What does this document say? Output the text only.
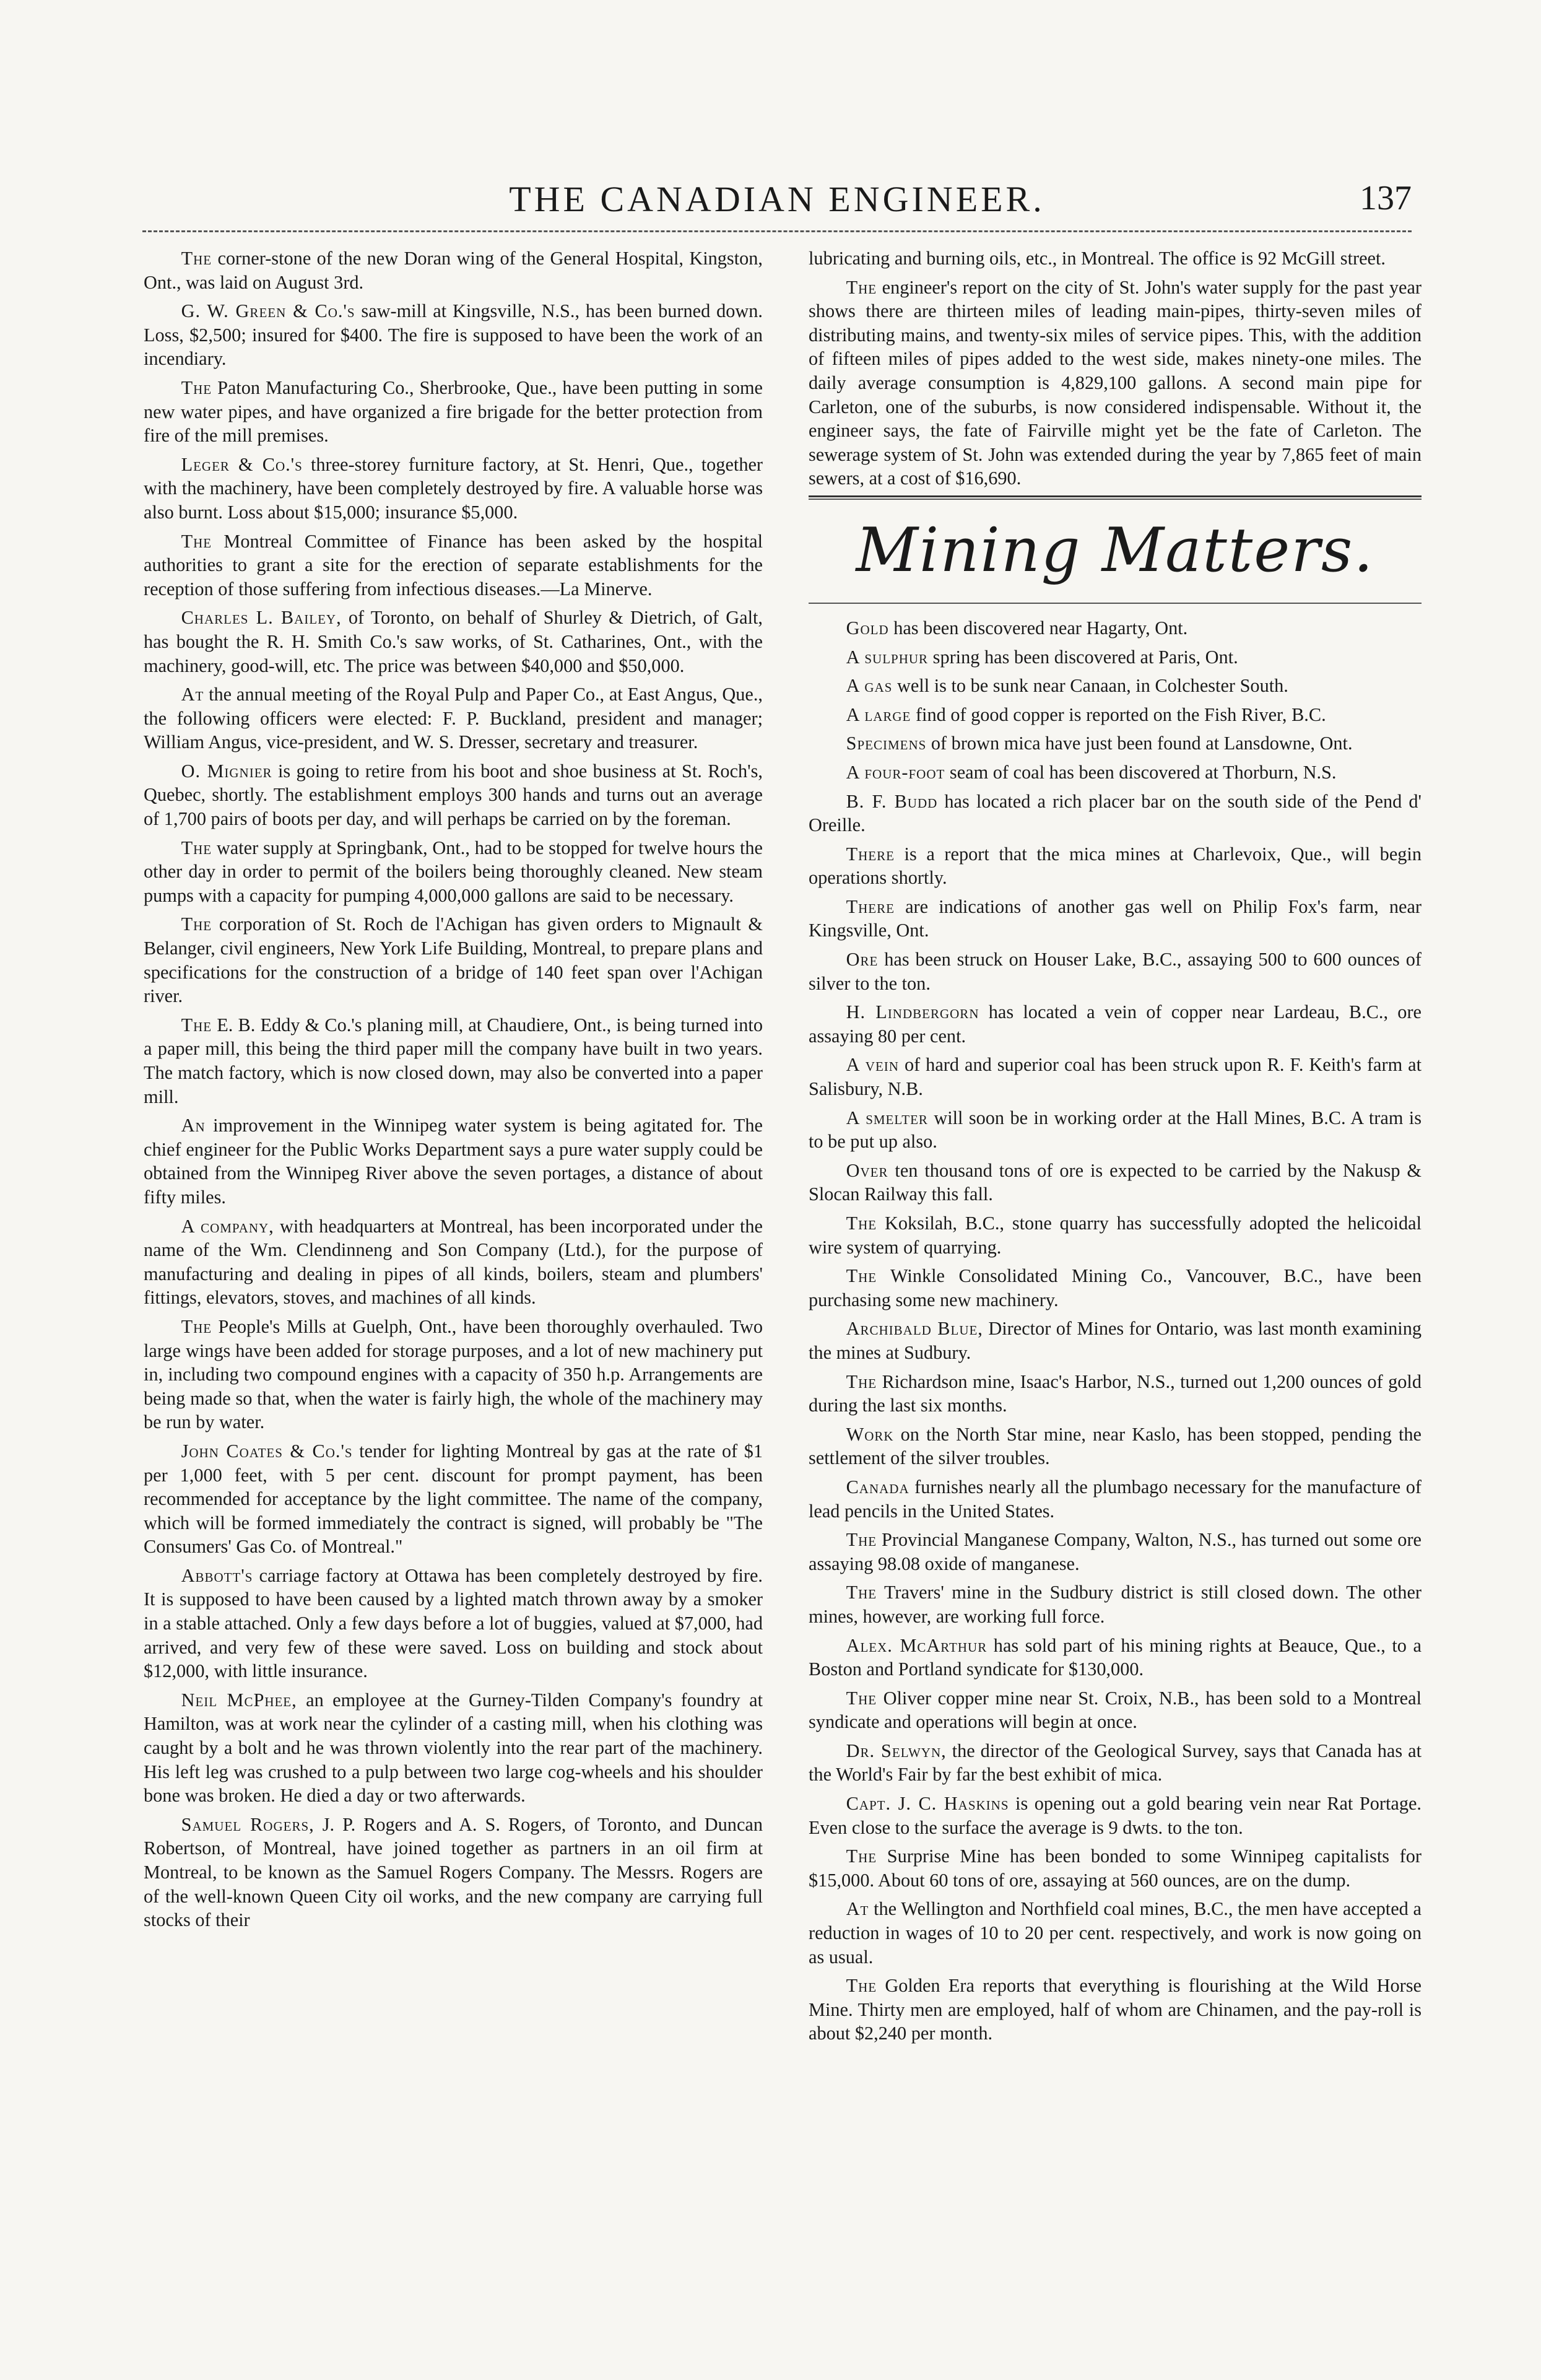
THE CANADIAN ENGINEER.	137

The corner-stone of the new Doran wing of the General Hospital, Kingston, Ont., was laid on August 3rd.

G. W. Green & Co.'s saw-mill at Kingsville, N.S., has been burned down. Loss, $2,500; insured for $400. The fire is supposed to have been the work of an incendiary.

The Paton Manufacturing Co., Sherbrooke, Que., have been putting in some new water pipes, and have organized a fire brigade for the better protection from fire of the mill premises.

Leger & Co.'s three-storey furniture factory, at St. Henri, Que., together with the machinery, have been completely destroyed by fire. A valuable horse was also burnt. Loss about $15,000; insurance $5,000.

The Montreal Committee of Finance has been asked by the hospital authorities to grant a site for the erection of separate establishments for the reception of those suffering from infectious diseases.—La Minerve.

Charles L. Bailey, of Toronto, on behalf of Shurley & Dietrich, of Galt, has bought the R. H. Smith Co.'s saw works, of St. Catharines, Ont., with the machinery, good-will, etc. The price was between $40,000 and $50,000.

At the annual meeting of the Royal Pulp and Paper Co., at East Angus, Que., the following officers were elected: F. P. Buckland, president and manager; William Angus, vice-president, and W. S. Dresser, secretary and treasurer.

O. Mignier is going to retire from his boot and shoe business at St. Roch's, Quebec, shortly. The establishment employs 300 hands and turns out an average of 1,700 pairs of boots per day, and will perhaps be carried on by the foreman.

The water supply at Springbank, Ont., had to be stopped for twelve hours the other day in order to permit of the boilers being thoroughly cleaned. New steam pumps with a capacity for pumping 4,000,000 gallons are said to be necessary.

The corporation of St. Roch de l'Achigan has given orders to Mignault & Belanger, civil engineers, New York Life Building, Montreal, to prepare plans and specifications for the construction of a bridge of 140 feet span over l'Achigan river.

The E. B. Eddy & Co.'s planing mill, at Chaudiere, Ont., is being turned into a paper mill, this being the third paper mill the company have built in two years. The match factory, which is now closed down, may also be converted into a paper mill.

An improvement in the Winnipeg water system is being agitated for. The chief engineer for the Public Works Department says a pure water supply could be obtained from the Winnipeg River above the seven portages, a distance of about fifty miles.

A company, with headquarters at Montreal, has been incorporated under the name of the Wm. Clendinneng and Son Company (Ltd.), for the purpose of manufacturing and dealing in pipes of all kinds, boilers, steam and plumbers' fittings, elevators, stoves, and machines of all kinds.

The People's Mills at Guelph, Ont., have been thoroughly overhauled. Two large wings have been added for storage purposes, and a lot of new machinery put in, including two compound engines with a capacity of 350 h.p. Arrangements are being made so that, when the water is fairly high, the whole of the machinery may be run by water.

John Coates & Co.'s tender for lighting Montreal by gas at the rate of $1 per 1,000 feet, with 5 per cent. discount for prompt payment, has been recommended for acceptance by the light committee. The name of the company, which will be formed immediately the contract is signed, will probably be "The Consumers' Gas Co. of Montreal."

Abbott's carriage factory at Ottawa has been completely destroyed by fire. It is supposed to have been caused by a lighted match thrown away by a smoker in a stable attached. Only a few days before a lot of buggies, valued at $7,000, had arrived, and very few of these were saved. Loss on building and stock about $12,000, with little insurance.

Neil McPhee, an employee at the Gurney-Tilden Company's foundry at Hamilton, was at work near the cylinder of a casting mill, when his clothing was caught by a bolt and he was thrown violently into the rear part of the machinery. His left leg was crushed to a pulp between two large cog-wheels and his shoulder bone was broken. He died a day or two afterwards.

Samuel Rogers, J. P. Rogers and A. S. Rogers, of Toronto, and Duncan Robertson, of Montreal, have joined together as partners in an oil firm at Montreal, to be known as the Samuel Rogers Company. The Messrs. Rogers are of the well-known Queen City oil works, and the new company are carrying full stocks of their

lubricating and burning oils, etc., in Montreal. The office is 92 McGill street.

The engineer's report on the city of St. John's water supply for the past year shows there are thirteen miles of leading main-pipes, thirty-seven miles of distributing mains, and twenty-six miles of service pipes. This, with the addition of fifteen miles of pipes added to the west side, makes ninety-one miles. The daily average consumption is 4,829,100 gallons. A second main pipe for Carleton, one of the suburbs, is now considered indispensable. Without it, the engineer says, the fate of Fairville might yet be the fate of Carleton. The sewerage system of St. John was extended during the year by 7,865 feet of main sewers, at a cost of $16,690.

Mining Matters.

Gold has been discovered near Hagarty, Ont.

A sulphur spring has been discovered at Paris, Ont.

A gas well is to be sunk near Canaan, in Colchester South.

A large find of good copper is reported on the Fish River, B.C.

Specimens of brown mica have just been found at Lansdowne, Ont.

A four-foot seam of coal has been discovered at Thorburn, N.S.

B. F. Budd has located a rich placer bar on the south side of the Pend d' Oreille.

There is a report that the mica mines at Charlevoix, Que., will begin operations shortly.

There are indications of another gas well on Philip Fox's farm, near Kingsville, Ont.

Ore has been struck on Houser Lake, B.C., assaying 500 to 600 ounces of silver to the ton.

H. Lindbergorn has located a vein of copper near Lardeau, B.C., ore assaying 80 per cent.

A vein of hard and superior coal has been struck upon R. F. Keith's farm at Salisbury, N.B.

A smelter will soon be in working order at the Hall Mines, B.C. A tram is to be put up also.

Over ten thousand tons of ore is expected to be carried by the Nakusp & Slocan Railway this fall.

The Koksilah, B.C., stone quarry has successfully adopted the helicoidal wire system of quarrying.

The Winkle Consolidated Mining Co., Vancouver, B.C., have been purchasing some new machinery.

Archibald Blue, Director of Mines for Ontario, was last month examining the mines at Sudbury.

The Richardson mine, Isaac's Harbor, N.S., turned out 1,200 ounces of gold during the last six months.

Work on the North Star mine, near Kaslo, has been stopped, pending the settlement of the silver troubles.

Canada furnishes nearly all the plumbago necessary for the manufacture of lead pencils in the United States.

The Provincial Manganese Company, Walton, N.S., has turned out some ore assaying 98.08 oxide of manganese.

The Travers' mine in the Sudbury district is still closed down. The other mines, however, are working full force.

Alex. McArthur has sold part of his mining rights at Beauce, Que., to a Boston and Portland syndicate for $130,000.

The Oliver copper mine near St. Croix, N.B., has been sold to a Montreal syndicate and operations will begin at once.

Dr. Selwyn, the director of the Geological Survey, says that Canada has at the World's Fair by far the best exhibit of mica.

Capt. J. C. Haskins is opening out a gold bearing vein near Rat Portage. Even close to the surface the average is 9 dwts. to the ton.

The Surprise Mine has been bonded to some Winnipeg capitalists for $15,000. About 60 tons of ore, assaying at 560 ounces, are on the dump.

At the Wellington and Northfield coal mines, B.C., the men have accepted a reduction in wages of 10 to 20 per cent. respectively, and work is now going on as usual.

The Golden Era reports that everything is flourishing at the Wild Horse Mine. Thirty men are employed, half of whom are Chinamen, and the pay-roll is about $2,240 per month.
